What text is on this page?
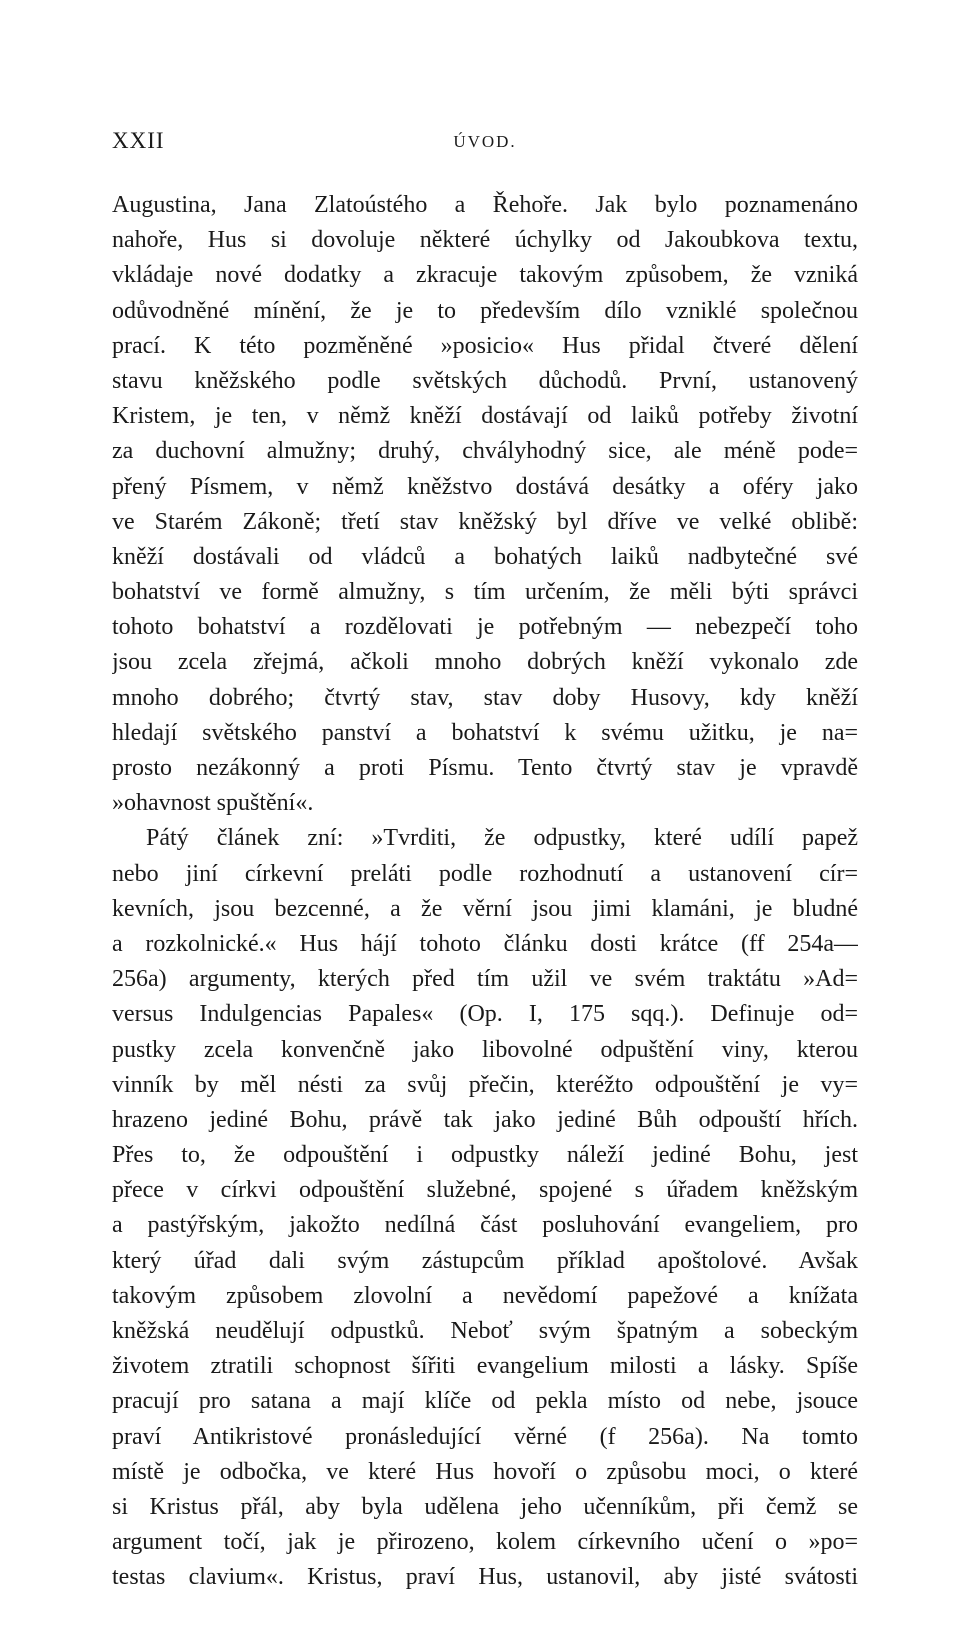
XXII	ÚVOD.
Augustina, Jana Zlatoústého a Řehoře. Jak bylo poznamenáno
nahoře, Hus si dovoluje některé úchylky od Jakoubkova textu,
vkládaje nové dodatky a zkracuje takovým způsobem, že vzniká
odůvodněné mínění, že je to především dílo vzniklé společnou
prací. K této pozměněné »posicio« Hus přidal čtveré dělení
stavu kněžského podle světských důchodů. První, ustanovený
Kristem, je ten, v němž kněží dostávají od laiků potřeby životní
za duchovní almužny; druhý, chvályhodný sice, ale méně pode=
přený Písmem, v němž kněžstvo dostává desátky a oféry jako
ve Starém Zákoně; třetí stav kněžský byl dříve ve velké oblibě:
kněží dostávali od vládců a bohatých laiků nadbytečné své
bohatství ve formě almužny, s tím určením, že měli býti správci
tohoto bohatství a rozdělovati je potřebným — nebezpečí toho
jsou zcela zřejmá, ačkoli mnoho dobrých kněží vykonalo zde
mnoho dobrého; čtvrtý stav, stav doby Husovy, kdy kněží
hledají světského panství a bohatství k svému užitku, je na=
prosto nezákonný a proti Písmu. Tento čtvrtý stav je vpravdě
»ohavnost spuštění«.
Pátý článek zní: »Tvrditi, že odpustky, které udílí papež
nebo jiní církevní preláti podle rozhodnutí a ustanovení cír=
kevních, jsou bezcenné, a že věrní jsou jimi klamáni, je bludné
a rozkolnické.« Hus hájí tohoto článku dosti krátce (ff 254a—
256a) argumenty, kterých před tím užil ve svém traktátu »Ad=
versus Indulgencias Papales« (Op. I, 175 sqq.). Definuje od=
pustky zcela konvenčně jako libovolné odpuštění viny, kterou
vinník by měl nésti za svůj přečin, kteréžto odpouštění je vy=
hrazeno jediné Bohu, právě tak jako jediné Bůh odpouští hřích.
Přes to, že odpouštění i odpustky náleží jediné Bohu, jest
přece v církvi odpouštění služebné, spojené s úřadem kněžským
a pastýřským, jakožto nedílná část posluhování evangeliem, pro
který úřad dali svým zástupcům příklad apoštolové. Avšak
takovým způsobem zlovolní a nevědomí papežové a knížata
kněžská neudělují odpustků. Neboť svým špatným a sobeckým
životem ztratili schopnost šířiti evangelium milosti a lásky. Spíše
pracují pro satana a mají klíče od pekla místo od nebe, jsouce
praví Antikristové pronásledující věrné (f 256a). Na tomto
místě je odbočka, ve které Hus hovoří o způsobu moci, o které
si Kristus přál, aby byla udělena jeho učenníkům, při čemž se
argument točí, jak je přirozeno, kolem církevního učení o »po=
testas clavium«. Kristus, praví Hus, ustanovil, aby jisté svátosti
